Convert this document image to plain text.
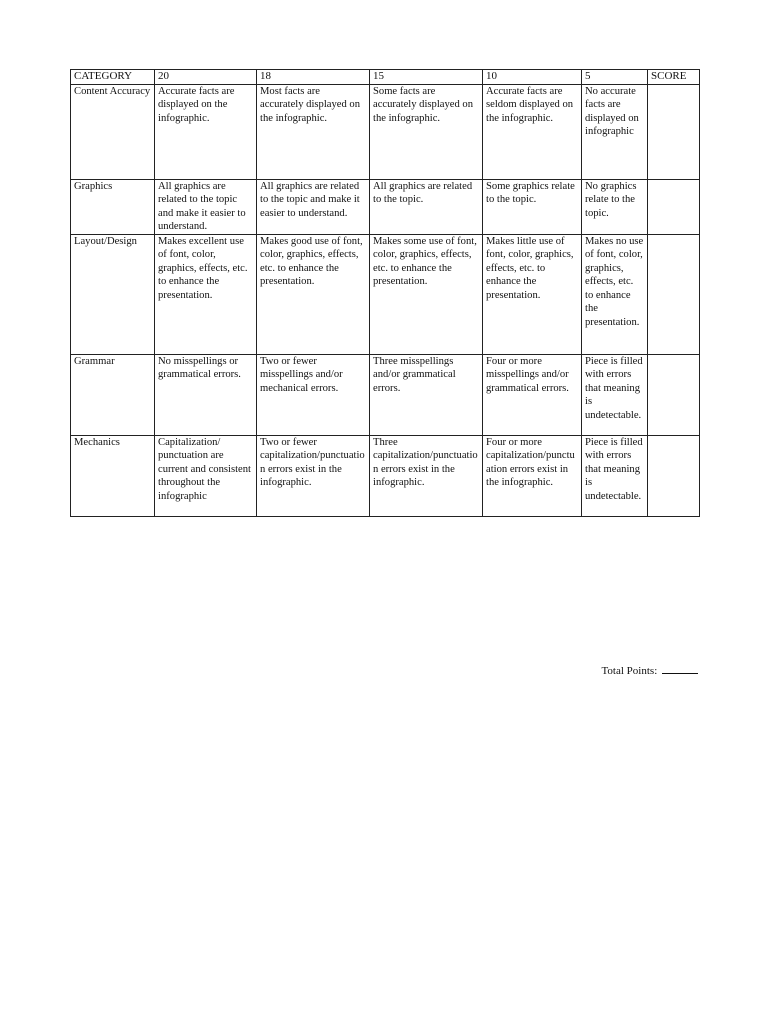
CATEGORY	20	18	15	10	5	SCORE
Content Accuracy	Accurate facts are displayed on the infographic.	Most facts are accurately displayed on the infographic.	Some facts are accurately displayed on the infographic.	Accurate facts are seldom displayed on the infographic.	No accurate facts are displayed on infographic	
Graphics	All graphics are related to the topic and make it easier to understand.	All graphics are related to the topic and make it easier to understand.	All graphics are related to the topic.	Some graphics relate to the topic.	No graphics relate to the topic.	
Layout/Design	Makes excellent use of font, color, graphics, effects, etc. to enhance the presentation.	Makes good use of font, color, graphics, effects, etc. to enhance the presentation.	Makes some use of font, color, graphics, effects, etc. to enhance the presentation.	Makes little use of font, color, graphics, effects, etc. to enhance the presentation.	Makes no use of font, color, graphics, effects, etc. to enhance the presentation.	
Grammar	No misspellings or grammatical errors.	Two or fewer misspellings and/or mechanical errors.	Three misspellings and/or grammatical errors.	Four or more misspellings and/or grammatical errors.	Piece is filled with errors that meaning is undetectable.	
Mechanics	Capitalization/ punctuation are current and consistent throughout the infographic	Two or fewer capitalization/punctuation errors exist in the infographic.	Three capitalization/punctuation errors exist in the infographic.	Four or more capitalization/punctuation errors exist in the infographic.	Piece is filled with errors that meaning is undetectable.	
Total Points:
